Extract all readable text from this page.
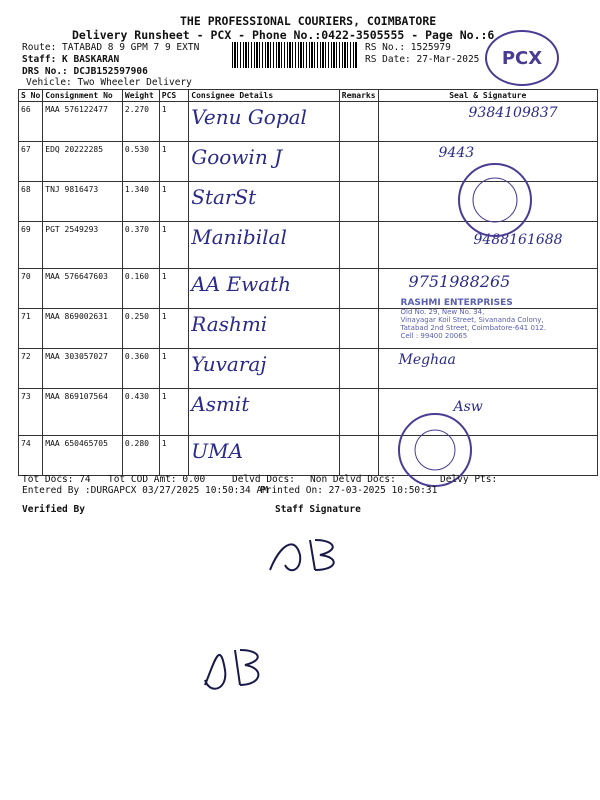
THE PROFESSIONAL COURIERS, COIMBATORE
Delivery Runsheet - PCX - Phone No.:0422-3505555 - Page No.:6
Route: TATABAD 8 9 GPM 7 9 EXTN
Staff: K BASKARAN
DRS No.: DCJB152597906
Vehicle: Two Wheeler Delivery
RS No.: 1525979
RS Date: 27-Mar-2025	PCX
S No	Consignment No	Weight	PCS	Consignee Details	Remarks	Seal & Signature
66	MAA 576122477	2.270	1	Venu Gopal		9384109837
67	EDQ 20222285	0.530	1	Goowin J		9443
68	TNJ 9816473	1.340	1	StarSt		
69	PGT 2549293	0.370	1	Manibilal		9488161688
70	MAA 576647603	0.160	1	AA Ewath		9751988265
71	MAA 869002631	0.250	1	Rashmi		RASHMI ENTERPRISES
Old No. 29, New No. 34,
Vinayagar Koil Street, Sivananda Colony,
Tatabad 2nd Street, Coimbatore-641 012.
Cell : 99400 20065

72	MAA 303057027	0.360	1	Yuvaraj		Meghaa
73	MAA 869107564	0.430	1	Asmit		Asw
74	MAA 650465705	0.280	1	UMA		
Tot Docs: 74 Tot COD Amt: 0.00	Delvd Docs: Non Delvd Docs:
Entered By :DURGAPCX 03/27/2025 10:50:34 AM
Printed On: 27-03-2025 10:50:31
Delvy Pts:
Verified By	Staff Signature
